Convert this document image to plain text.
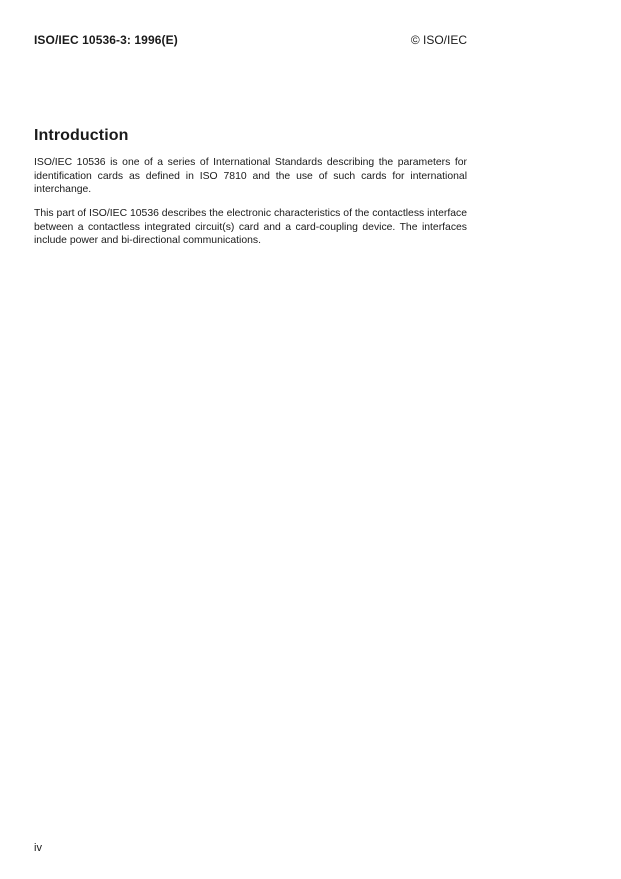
ISO/IEC 10536-3: 1996(E)	© ISO/IEC
Introduction

ISO/IEC 10536 is one of a series of International Standards describing the parameters for identification cards as defined in ISO 7810 and the use of such cards for international interchange.

This part of ISO/IEC 10536 describes the electronic characteristics of the contactless interface between a contactless integrated circuit(s) card and a card-coupling device. The interfaces include power and bi-directional communications.

iv
